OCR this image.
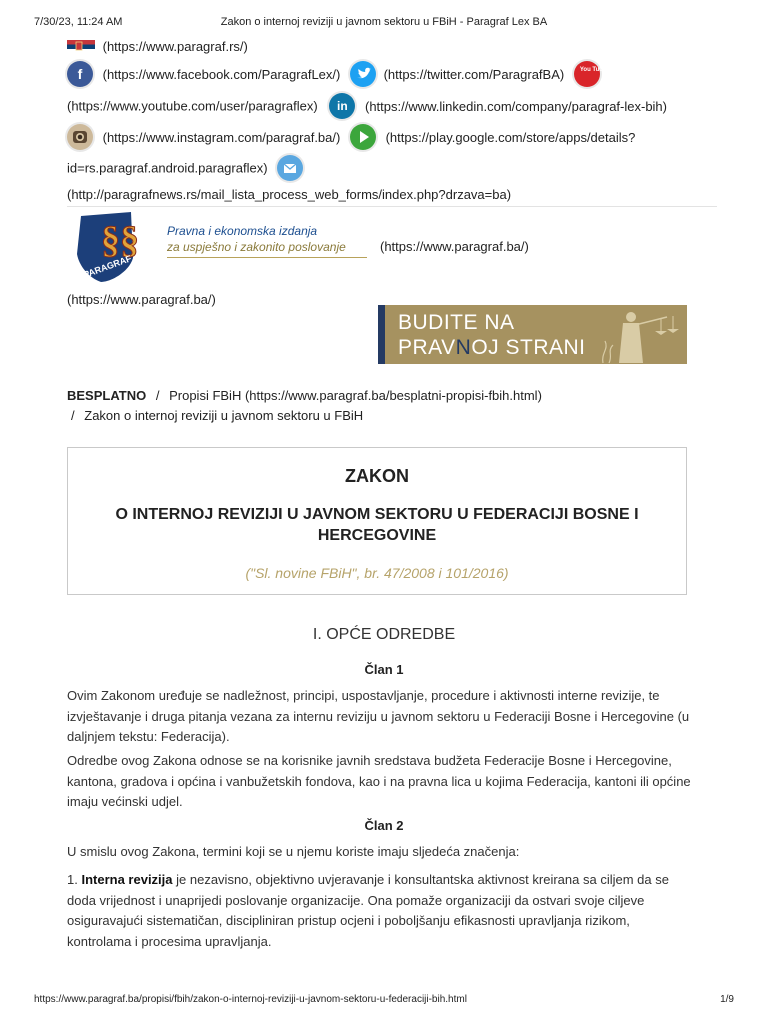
7/30/23, 11:24 AM	Zakon o internoj reviziji u javnom sektoru u FBiH - Paragraf Lex BA
(https://www.paragraf.rs/)
f (https://www.facebook.com/ParagrafLex/)	(https://twitter.com/ParagrafBA)	You Tube
(https://www.youtube.com/user/paragraflex) in (https://www.linkedin.com/company/paragraf-lex-bih)
(https://www.instagram.com/paragraf.ba/)	(https://play.google.com/store/apps/details?
id=rs.paragraf.android.paragraflex)
(http://paragrafnews.rs/mail_lista_process_web_forms/index.php?drzava=ba)
§§
PARAGRAF
Pravna i ekonomska izdanja
za uspješno i zakonito poslovanje	(https://www.paragraf.ba/)
(https://www.paragraf.ba/)
BUDITE NA
PRAVNOJ STRANI
BESPLATNO / Propisi FBiH (https://www.paragraf.ba/besplatni-propisi-fbih.html)
/ Zakon o internoj reviziji u javnom sektoru u FBiH
ZAKON
O INTERNOJ REVIZIJI U JAVNOM SEKTORU U FEDERACIJI BOSNE I HERCEGOVINE
("Sl. novine FBiH", br. 47/2008 i 101/2016)
I. OPĆE ODREDBE
Član 1
Ovim Zakonom uređuje se nadležnost, principi, uspostavljanje, procedure i aktivnosti interne revizije, te izvještavanje i druga pitanja vezana za internu reviziju u javnom sektoru u Federaciji Bosne i Hercegovine (u daljnjem tekstu: Federacija).
Odredbe ovog Zakona odnose se na korisnike javnih sredstava budžeta Federacije Bosne i Hercegovine, kantona, gradova i općina i vanbužetskih fondova, kao i na pravna lica u kojima Federacija, kantoni ili općine imaju većinski udjel.
Član 2
U smislu ovog Zakona, termini koji se u njemu koriste imaju sljedeća značenja:
1. Interna revizija je nezavisno, objektivno uvjeravanje i konsultantska aktivnost kreirana sa ciljem da se doda vrijednost i unaprijedi poslovanje organizacije. Ona pomaže organizaciji da ostvari svoje ciljeve osiguravajući sistematičan, discipliniran pristup ocjeni i poboljšanju efikasnosti upravljanja rizikom, kontrolama i procesima upravljanja.
https://www.paragraf.ba/propisi/fbih/zakon-o-internoj-reviziji-u-javnom-sektoru-u-federaciji-bih.html	1/9
